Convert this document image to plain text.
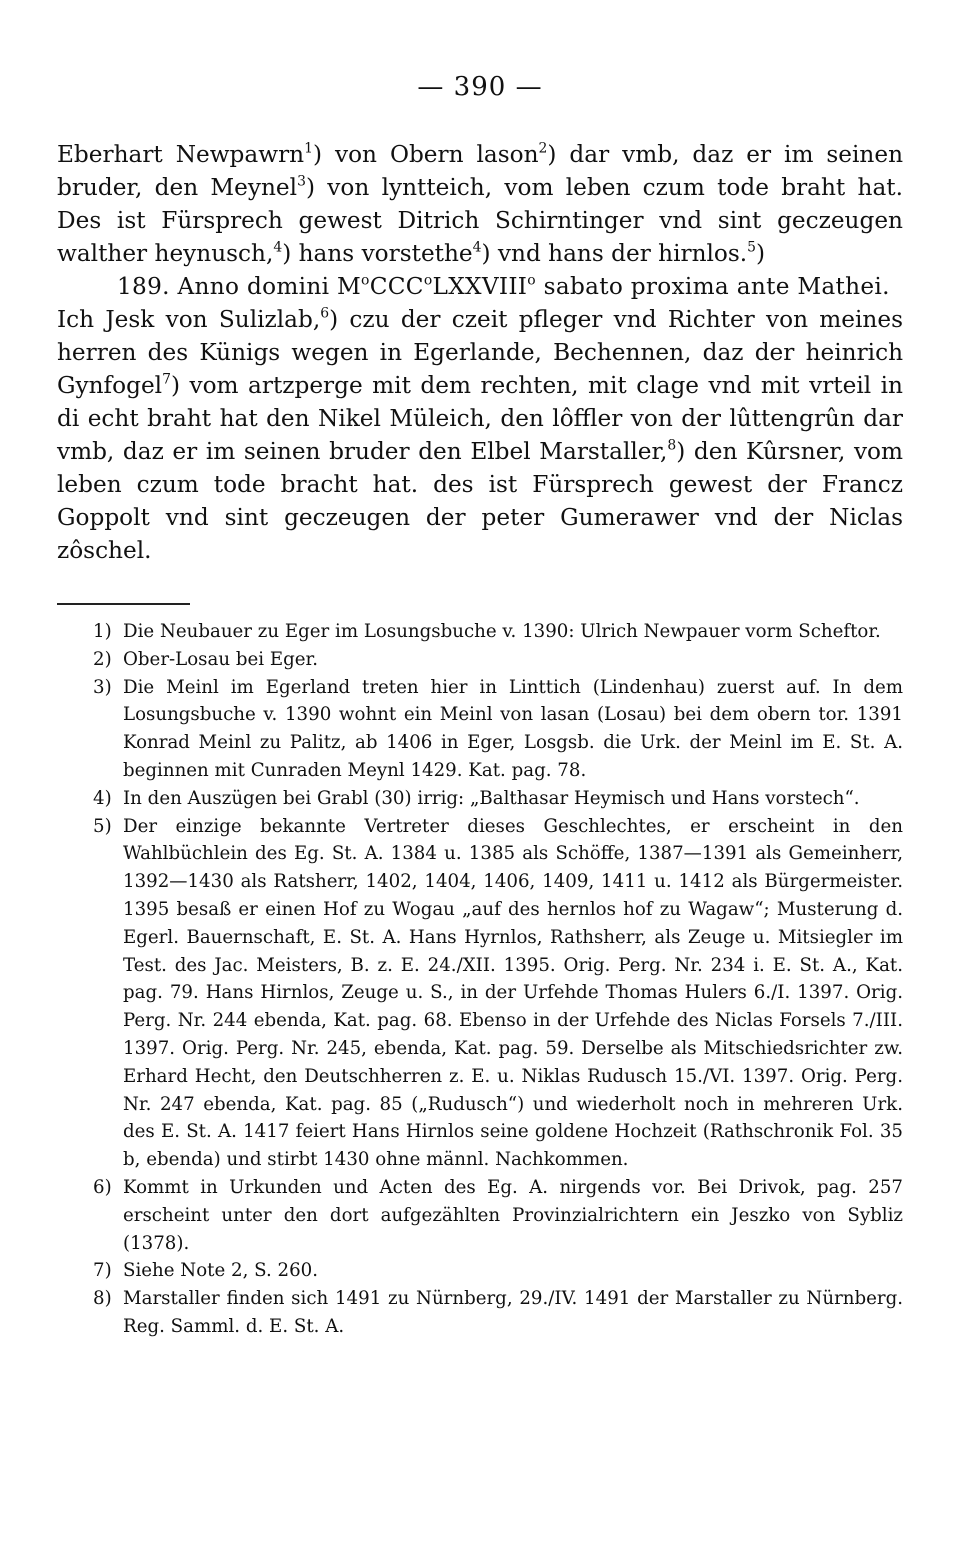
— 390 —

Eberhart Newpawrn$^1$) von Obern lason$^2$) dar vmb, daz er im seinen bruder, den Meynel$^3$) von lyntteich, vom leben czum tode braht hat. Des ist Fürsprech gewest Ditrich Schirntinger vnd sint geczeugen walther heynusch,$^4$) hans vorstethe$^4$) vnd hans der hirnlos.$^5$)

189. Anno domini $M^oCCC^oLXXVIII^o$ sabato proxima ante Mathei.

Ich Jesk von Sulizlab,$^6$) czu der czeit pfleger vnd Richter von meines herren des Künigs wegen in Egerlande, Bechennen, daz der heinrich Gynfogel$^7$) vom artzperge mit dem rechten, mit clage vnd mit vrteil in di echt braht hat den Nikel Müleich, den lôffler von der lûttengrûn dar vmb, daz er im seinen bruder den Elbel Marstaller,$^8$) den Kûrsner, vom leben czum tode bracht hat. des ist Fürsprech gewest der Francz Goppolt vnd sint geczeugen der peter Gumerawer vnd der Niclas zôschel.

1) Die Neubauer zu Eger im Losungsbuche v. 1390: Ulrich Newpauer vorm Scheftor.

2) Ober-Losau bei Eger.

3) Die Meinl im Egerland treten hier in Linttich (Lindenhau) zuerst auf. In dem Losungsbuche v. 1390 wohnt ein Meinl von lasan (Losau) bei dem obern tor. 1391 Konrad Meinl zu Palitz, ab 1406 in Eger, Losgsb. die Urk. der Meinl im E. St. A. beginnen mit Cunraden Meynl 1429. Kat. pag. 78.

4) In den Auszügen bei Grabl (30) irrig: „Balthasar Heymisch und Hans vorstech“.

5) Der einzige bekannte Vertreter dieses Geschlechtes, er erscheint in den Wahlbüchlein des Eg. St. A. 1384 u. 1385 als Schöffe, 1387—1391 als Gemeinherr, 1392—1430 als Ratsherr, 1402, 1404, 1406, 1409, 1411 u. 1412 als Bürgermeister. 1395 besaß er einen Hof zu Wogau „auf des hernlos hof zu Wagaw“; Musterung d. Egerl. Bauernschaft, E. St. A. Hans Hyrnlos, Rathsherr, als Zeuge u. Mitsiegler im Test. des Jac. Meisters, B. z. E. 24./XII. 1395. Orig. Perg. Nr. 234 i. E. St. A., Kat. pag. 79. Hans Hirnlos, Zeuge u. S., in der Urfehde Thomas Hulers 6./I. 1397. Orig. Perg. Nr. 244 ebenda, Kat. pag. 68. Ebenso in der Urfehde des Niclas Forsels 7./III. 1397. Orig. Perg. Nr. 245, ebenda, Kat. pag. 59. Derselbe als Mitschiedsrichter zw. Erhard Hecht, den Deutschherren z. E. u. Niklas Rudusch 15./VI. 1397. Orig. Perg. Nr. 247 ebenda, Kat. pag. 85 („Rudusch“) und wiederholt noch in mehreren Urk. des E. St. A. 1417 feiert Hans Hirnlos seine goldene Hochzeit (Rathschronik Fol. 35 b, ebenda) und stirbt 1430 ohne männl. Nachkommen.

6) Kommt in Urkunden und Acten des Eg. A. nirgends vor. Bei Drivok, pag. 257 erscheint unter den dort aufgezählten Provinzialrichtern ein Jeszko von Sybliz (1378).

7) Siehe Note 2, S. 260.

8) Marstaller finden sich 1491 zu Nürnberg, 29./IV. 1491 der Marstaller zu Nürnberg. Reg. Samml. d. E. St. A.
